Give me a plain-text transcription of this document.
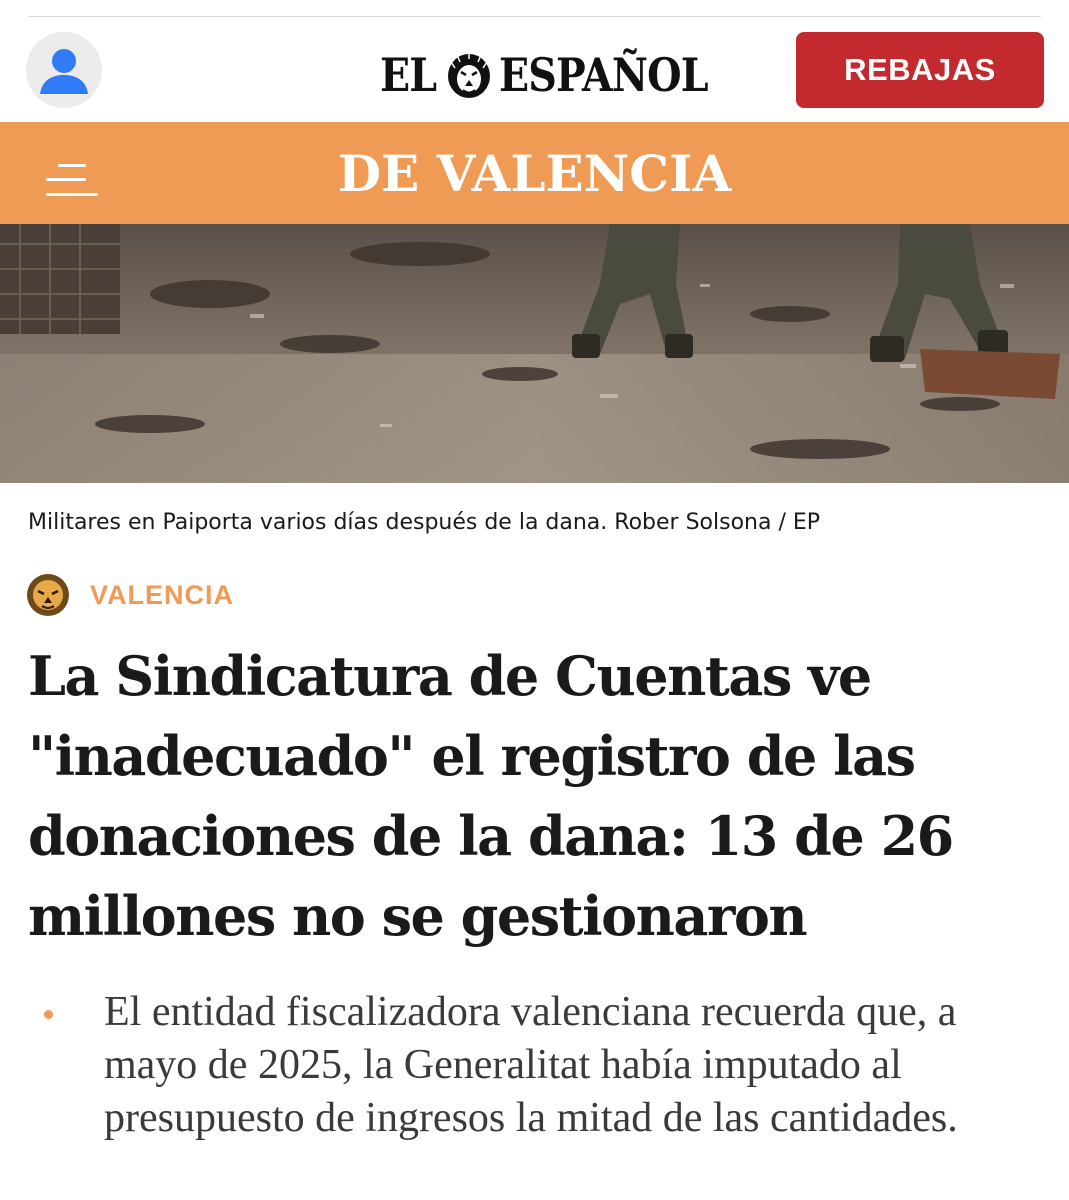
EL ESPAÑOL	REBAJAS
DE VALENCIA
Militares en Paiporta varios días después de la dana. Rober Solsona / EP
VALENCIA
La Sindicatura de Cuentas ve "inadecuado" el registro de las donaciones de la dana: 13 de 26 millones no se gestionaron
El entidad fiscalizadora valenciana recuerda que, a mayo de 2025, la Generalitat había imputado al presupuesto de ingresos la mitad de las cantidades.
